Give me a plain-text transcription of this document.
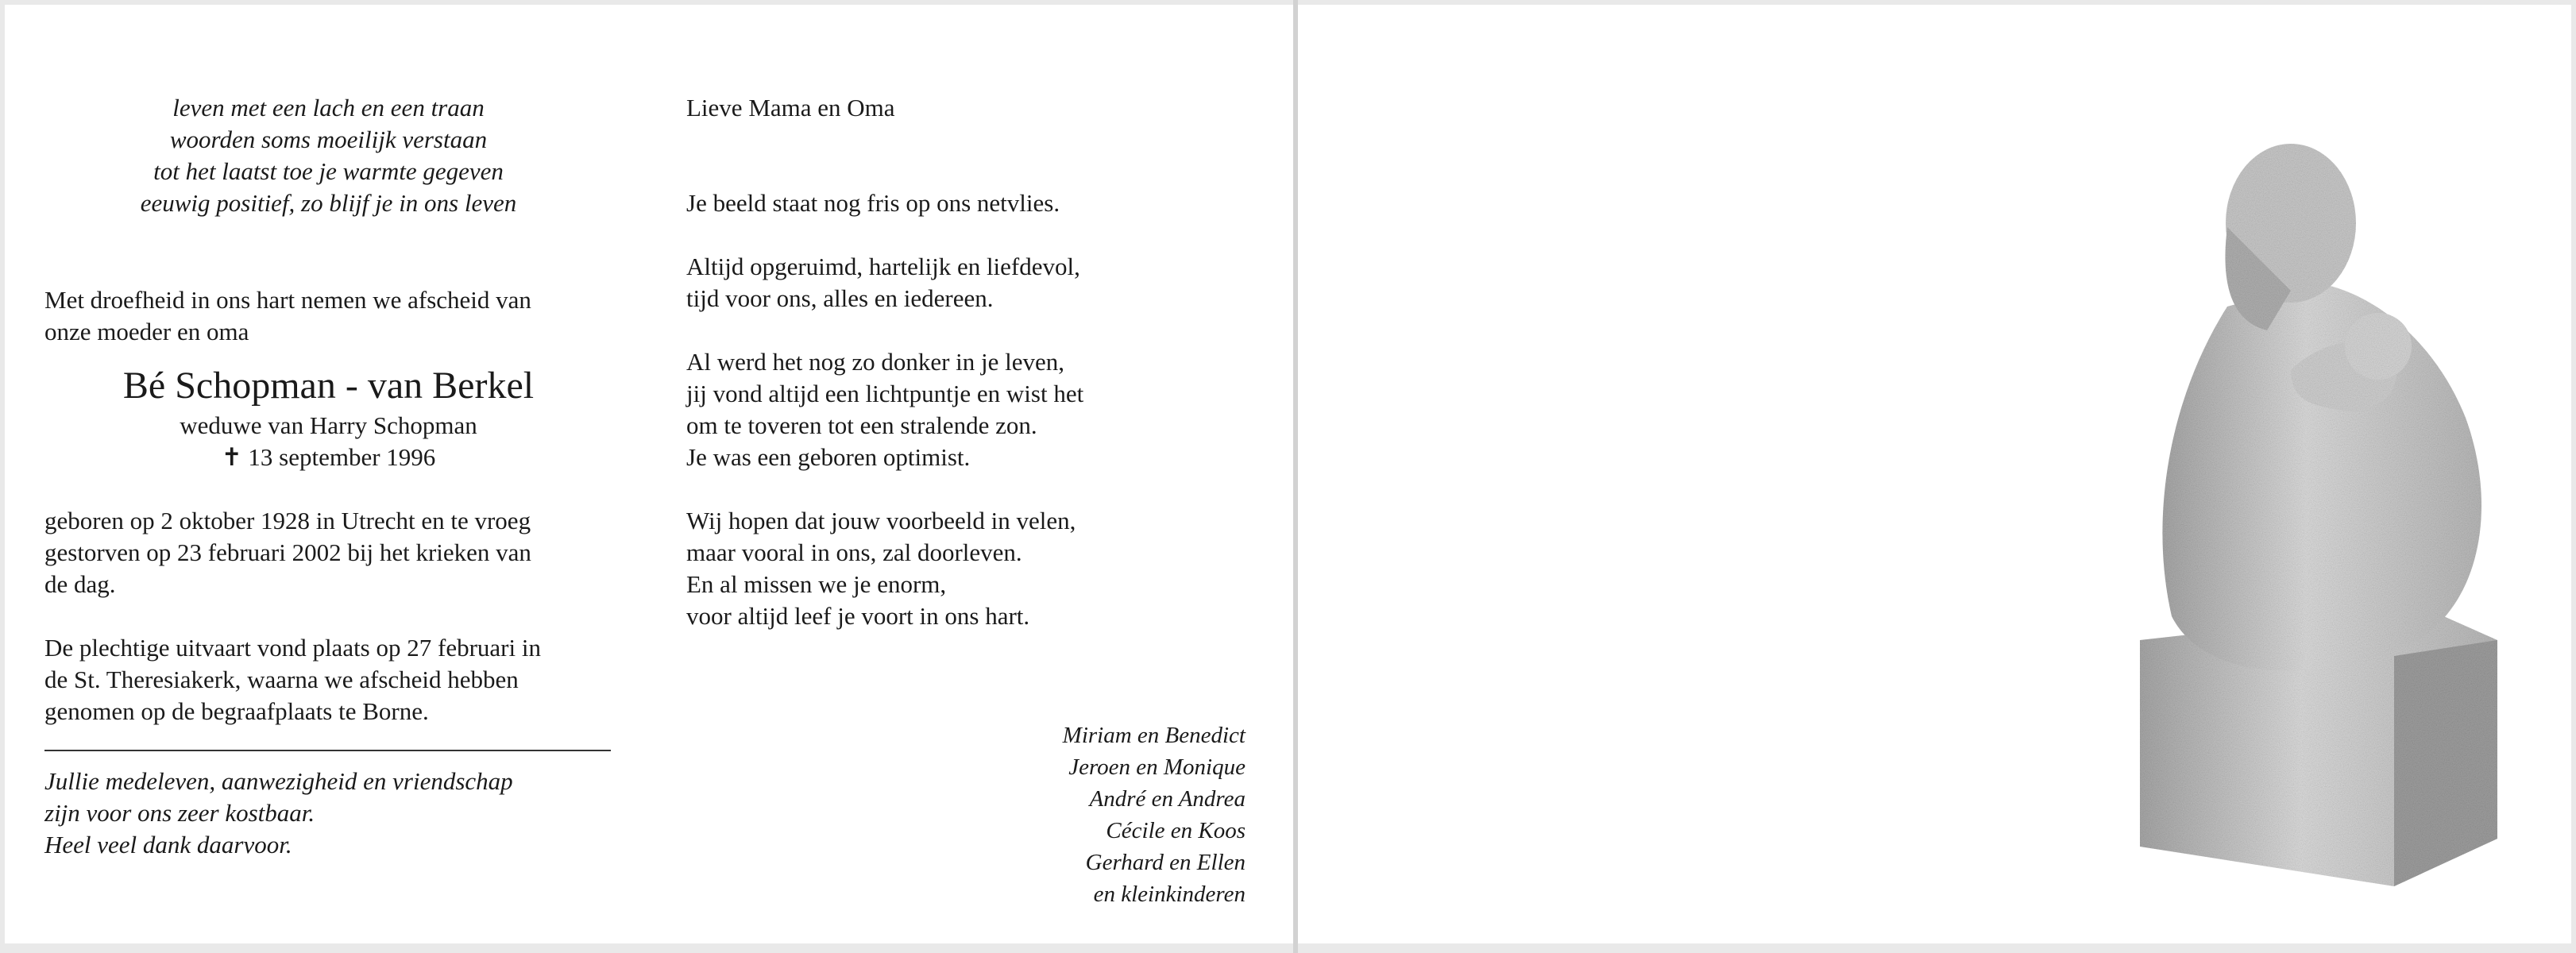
leven met een lach en een traan
woorden soms moeilijk verstaan
tot het laatst toe je warmte gegeven
eeuwig positief, zo blijf je in ons leven
Met droefheid in ons hart nemen we afscheid van
onze moeder en oma
Bé Schopman - van Berkel
weduwe van Harry Schopman
✝ 13 september 1996
geboren op 2 oktober 1928 in Utrecht en te vroeg
gestorven op 23 februari 2002 bij het krieken van
de dag.
De plechtige uitvaart vond plaats op 27 februari in
de St. Theresiakerk, waarna we afscheid hebben
genomen op de begraafplaats te Borne.
Jullie medeleven, aanwezigheid en vriendschap
zijn voor ons zeer kostbaar.
Heel veel dank daarvoor.
Lieve Mama en Oma
Je beeld staat nog fris op ons netvlies.
Altijd opgeruimd, hartelijk en liefdevol,
tijd voor ons, alles en iedereen.
Al werd het nog zo donker in je leven,
jij vond altijd een lichtpuntje en wist het
om te toveren tot een stralende zon.
Je was een geboren optimist.
Wij hopen dat jouw voorbeeld in velen,
maar vooral in ons, zal doorleven.
En al missen we je enorm,
voor altijd leef je voort in ons hart.
Miriam en Benedict
Jeroen en Monique
André en Andrea
Cécile en Koos
Gerhard en Ellen
en kleinkinderen
